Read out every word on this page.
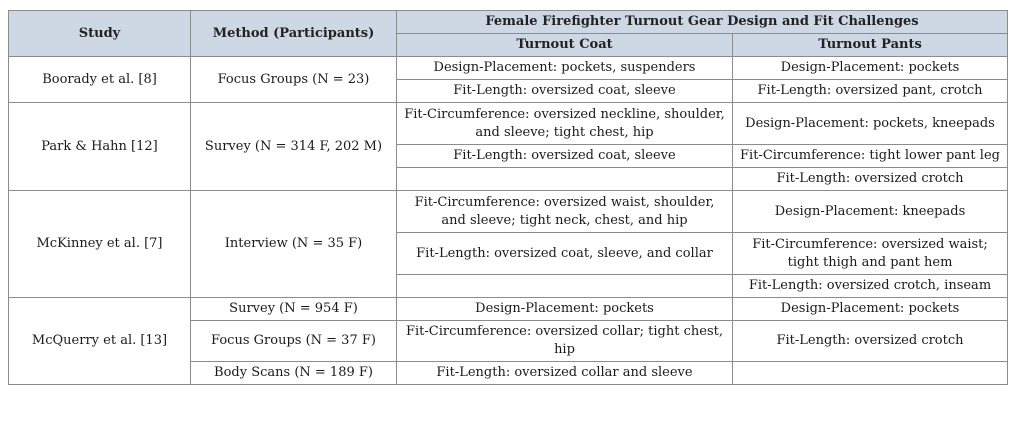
Study	Method (Participants)	Female Firefighter Turnout Gear Design and Fit Challenges	
		Turnout Coat	Turnout Pants
Boorady et al. [8]	Focus Groups (N = 23)	Design-Placement: pockets, suspenders	Design-Placement: pockets
		Fit-Length: oversized coat, sleeve	Fit-Length: oversized pant, crotch
Park & Hahn [12]	Survey (N = 314 F, 202 M)	Fit-Circumference: oversized neckline, shoulder, and sleeve; tight chest, hip	Design-Placement: pockets, kneepads
		Fit-Length: oversized coat, sleeve	Fit-Circumference: tight lower pant leg
			Fit-Length: oversized crotch
McKinney et al. [7]	Interview (N = 35 F)	Fit-Circumference: oversized waist, shoulder, and sleeve; tight neck, chest, and hip	Design-Placement: kneepads
		Fit-Length: oversized coat, sleeve, and collar	Fit-Circumference: oversized waist; tight thigh and pant hem
			Fit-Length: oversized crotch, inseam
McQuerry et al. [13]	Survey (N = 954 F)	Design-Placement: pockets	Design-Placement: pockets
	Focus Groups (N = 37 F)	Fit-Circumference: oversized collar; tight chest, hip	Fit-Length: oversized crotch
	Body Scans (N = 189 F)	Fit-Length: oversized collar and sleeve	
